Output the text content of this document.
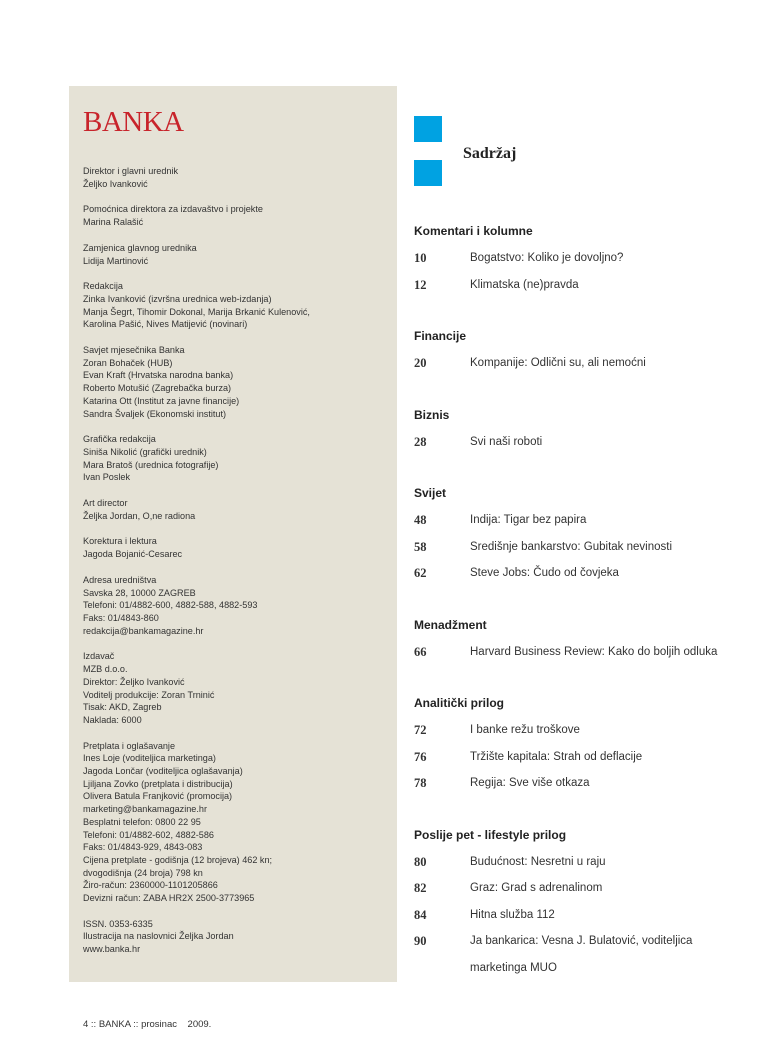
BANKA
Direktor i glavni urednik
Željko Ivanković
Pomoćnica direktora za izdavaštvo i projekte
Marina Ralašić
Zamjenica glavnog urednika
Lidija Martinović
Redakcija
Zinka Ivanković (izvršna urednica web-izdanja)
Manja Šegrt, Tihomir Dokonal, Marija Brkanić Kulenović,
Karolina Pašić, Nives Matijević (novinari)
Savjet mjesečnika Banka
Zoran Bohaček (HUB)
Evan Kraft (Hrvatska narodna banka)
Roberto Motušić (Zagrebačka burza)
Katarina Ott (Institut za javne financije)
Sandra Švaljek (Ekonomski institut)
Grafička redakcija
Siniša Nikolić (grafički urednik)
Mara Bratoš (urednica fotografije)
Ivan Poslek
Art director
Željka Jordan, O,ne radiona
Korektura i lektura
Jagoda Bojanić-Cesarec
Adresa uredništva
Savska 28, 10000 ZAGREB
Telefoni: 01/4882-600, 4882-588, 4882-593
Faks: 01/4843-860
redakcija@bankamagazine.hr
Izdavač
MZB d.o.o.
Direktor: Željko Ivanković
Voditelj produkcije: Zoran Trninić
Tisak: AKD, Zagreb
Naklada: 6000
Pretplata i oglašavanje
Ines Loje (voditeljica marketinga)
Jagoda Lončar (voditeljica oglašavanja)
Ljiljana Zovko (pretplata i distribucija)
Olivera Batula Franjković (promocija)
marketing@bankamagazine.hr
Besplatni telefon: 0800 22 95
Telefoni: 01/4882-602, 4882-586
Faks: 01/4843-929, 4843-083
Cijena pretplate - godišnja (12 brojeva) 462 kn;
dvogodišnja (24 broja) 798 kn
Žiro-račun: 2360000-1101205866
Devizni račun: ZABA HR2X 2500-3773965
ISSN. 0353-6335
Ilustracija na naslovnici Željka Jordan
www.banka.hr
Sadržaj
Komentari i kolumne
10	Bogatstvo: Koliko je dovoljno?
12	Klimatska (ne)pravda
Financije
20	Kompanije: Odlični su, ali nemoćni
Biznis
28	Svi naši roboti
Svijet
48	Indija: Tigar bez papira
58	Središnje bankarstvo: Gubitak nevinosti
62	Steve Jobs: Čudo od čovjeka
Menadžment
66	Harvard Business Review: Kako do boljih odluka
Analitički prilog
72	I banke režu troškove
76	Tržište kapitala: Strah od deflacije
78	Regija: Sve više otkaza
Poslije pet - lifestyle prilog
80	Budućnost: Nesretni u raju
82	Graz: Grad s adrenalinom
84	Hitna služba 112
90	Ja bankarica: Vesna J. Bulatović, voditeljica
marketinga MUO
4 :: BANKA :: prosinac    2009.
